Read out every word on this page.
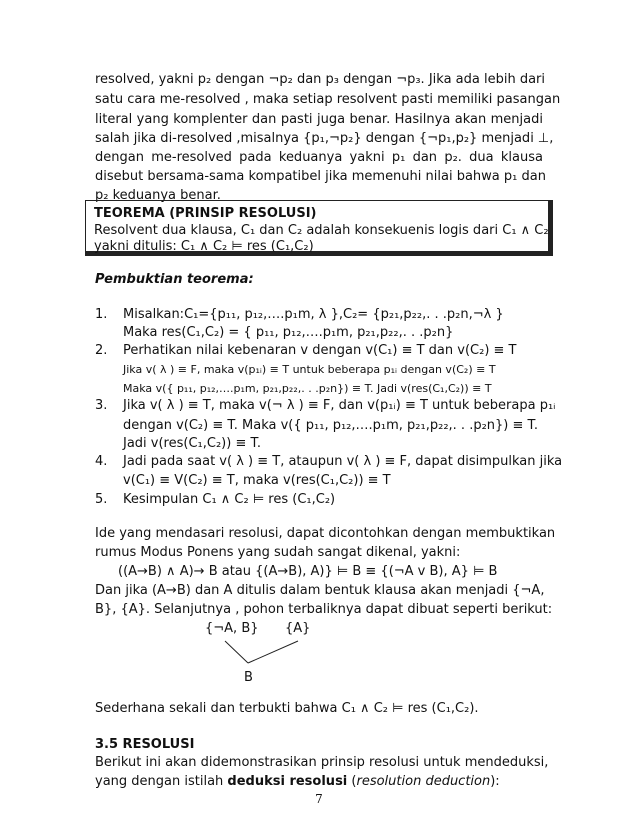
resolved, yakni p₂ dengan ¬p₂ dan p₃ dengan ¬p₃. Jika ada lebih dari
satu cara me-resolved , maka setiap resolvent pasti memiliki pasangan
literal yang komplenter dan pasti juga benar. Hasilnya akan menjadi
salah jika di-resolved ,misalnya {p₁,¬p₂} dengan {¬p₁,p₂} menjadi ⊥,
dengan me-resolved pada keduanya yakni p₁ dan p₂. dua klausa
disebut bersama-sama kompatibel jika memenuhi nilai bahwa p₁ dan
p₂ keduanya benar.
TEOREMA (PRINSIP RESOLUSI)
Resolvent dua klausa, C₁ dan C₂ adalah konsekuenis logis dari C₁ ∧ C₂
yakni ditulis: C₁ ∧ C₂ ⊨ res (C₁,C₂)
Pembuktian teorema:
1. Misalkan:C₁={p₁₁, p₁₂,….p₁m, λ },C₂= {p₂₁,p₂₂,. . .p₂n,¬λ }
Maka res(C₁,C₂) = { p₁₁, p₁₂,….p₁m, p₂₁,p₂₂,. . .p₂n}
2. Perhatikan nilai kebenaran v dengan v(C₁) ≡ T dan v(C₂) ≡ T
Jika v( λ ) ≡ F, maka v(p₁ᵢ) ≡ T untuk beberapa p₁ᵢ dengan v(C₂) ≡ T
Maka v({ p₁₁, p₁₂,….p₁m, p₂₁,p₂₂,. . .p₂n}) ≡ T. Jadi v(res(C₁,C₂)) ≡ T
3. Jika v( λ ) ≡ T, maka v(¬ λ ) ≡ F, dan v(p₁ᵢ) ≡ T untuk beberapa p₁ᵢ
dengan v(C₂) ≡ T. Maka v({ p₁₁, p₁₂,….p₁m, p₂₁,p₂₂,. . .p₂n}) ≡ T.
Jadi v(res(C₁,C₂)) ≡ T.
4. Jadi pada saat v( λ ) ≡ T, ataupun v( λ ) ≡ F, dapat disimpulkan jika
v(C₁) ≡ V(C₂) ≡ T, maka v(res(C₁,C₂)) ≡ T
5. Kesimpulan C₁ ∧ C₂ ⊨ res (C₁,C₂)
Ide yang mendasari resolusi, dapat dicontohkan dengan membuktikan
rumus Modus Ponens yang sudah sangat dikenal, yakni:
((A→B) ∧ A)→ B atau {(A→B), A)} ⊨ B ≡ {(¬A v B), A} ⊨ B
Dan jika (A→B) dan A ditulis dalam bentuk klausa akan menjadi {¬A,
B}, {A}. Selanjutnya , pohon terbaliknya dapat dibuat seperti berikut:
{¬A, B} {A}
B
Sederhana sekali dan terbukti bahwa C₁ ∧ C₂ ⊨ res (C₁,C₂).
3.5 RESOLUSI
Berikut ini akan didemonstrasikan prinsip resolusi untuk mendeduksi,
7
yang dengan istilah deduksi resolusi (resolution deduction):
